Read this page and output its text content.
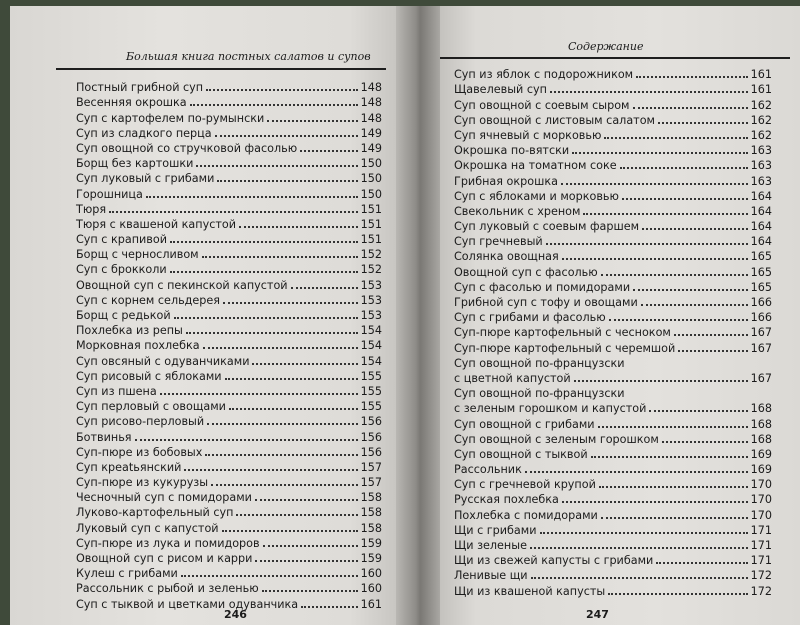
Большая книга постных салатов и супов
Постный грибной суп	148
Весенняя окрошка	148
Суп с картофелем по-румынски	148
Суп из сладкого перца	149
Суп овощной со стручковой фасолью	149
Борщ без картошки	150
Суп луковый с грибами	150
Горошница	150
Тюря	151
Тюря с квашеной капустой	151
Суп с крапивой	151
Борщ с черносливом	152
Суп с брокколи	152
Овощной суп с пекинской капустой	153
Суп с корнем сельдерея	153
Борщ с редькой	153
Похлебка из репы	154
Морковная похлебка	154
Суп овсяный с одуванчиками	154
Суп рисовый с яблоками	155
Суп из пшена	155
Суп перловый с овощами	155
Суп рисово-перловый	156
Ботвинья	156
Суп-пюре из бобовых	156
Суп креatьянский	157
Суп-пюре из кукурузы	157
Чесночный суп с помидорами	158
Луково-картофельный суп	158
Луковый суп с капустой	158
Суп-пюре из лука и помидоров	159
Овощной суп с рисом и карри	159
Кулеш с грибами	160
Рассольник с рыбой и зеленью	160
Суп с тыквой и цветками одуванчика	161
246
Содержание
Суп из яблок с подорожником	161
Щавелевый суп	161
Суп овощной с соевым сыром	162
Суп овощной с листовым салатом	162
Суп ячневый с морковью	162
Окрошка по-вятски	163
Окрошка на томатном соке	163
Грибная окрошка	163
Суп с яблоками и морковью	164
Свекольник с хреном	164
Суп луковый с соевым фаршем	164
Суп гречневый	164
Солянка овощная	165
Овощной суп с фасолью	165
Суп с фасолью и помидорами	165
Грибной суп с тофу и овощами	166
Суп с грибами и фасолью	166
Суп-пюре картофельный с чесноком	167
Суп-пюре картофельный с черемшой	167
Суп овощной по-французски
с цветной капустой	167
Суп овощной по-французски
с зеленым горошком и капустой	168
Суп овощной с грибами	168
Суп овощной с зеленым горошком	168
Суп овощной с тыквой	169
Рассольник	169
Суп с гречневой крупой	170
Русская похлебка	170
Похлебка с помидорами	170
Щи с грибами	171
Щи зеленые	171
Щи из свежей капусты с грибами	171
Ленивые щи	172
Щи из квашеной капусты	172
247
